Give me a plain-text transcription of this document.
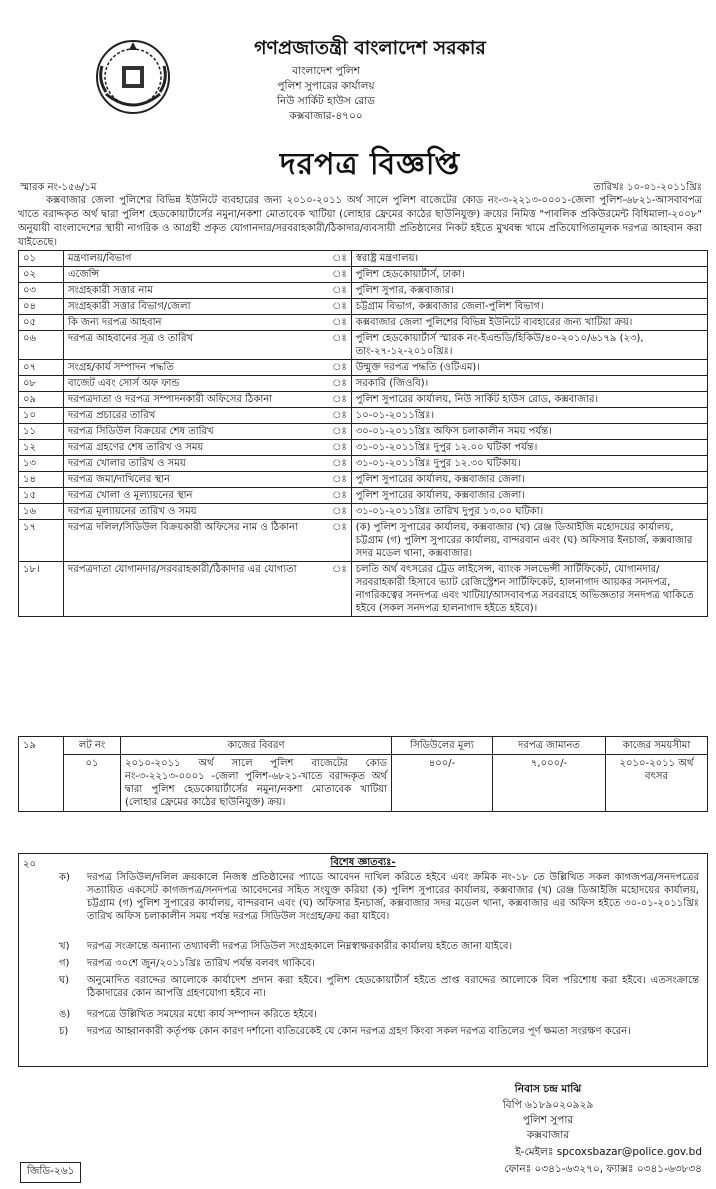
গণপ্রজাতন্ত্রী বাংলাদেশ সরকার
বাংলাদেশ পুলিশ
পুলিশ সুপারের কার্যালয়
নিউ সার্কিট হাউস রোড
কক্সবাজার-৪৭০০
দরপত্র বিজ্ঞপ্তি
স্মারক নং-১৫৬/১ম	তারিখঃ ১০-০১-২০১১খ্রিঃ
কক্সবাজার জেলা পুলিশের বিভিন্ন ইউনিটে ব্যবহারের জন্য ২০১০-২০১১ অর্থ সালে পুলিশ বাজেটের কোড নং-৩-২২১৩-০০০১-জেলা পুলিশ-৬৮২১-আসবাবপত্র খাতে বরাদ্দকৃত অর্থ দ্বারা পুলিশ হেডকোয়ার্টার্সের নমুনা/নকশা মোতাবেক খাটিয়া (লোহার ফ্রেমের কাঠের ছাউনিযুক্ত) ক্রয়ের নিমিত্ত "পাবলিক প্রকিউরমেন্ট বিধিমালা-২০০৮" অনুযায়ী বাংলাদেশের স্থায়ী নাগরিক ও আগ্রহী প্রকৃত যোগানদার/সরবরাহকারী/ঠিকাদার/ব্যবসায়ী প্রতিষ্ঠানের নিকট হইতে মুখবন্ধ খামে প্রতিযোগিতামূলক দরপত্র আহবান করা যাইতেছে।
০১	মন্ত্রণালয়/বিভাগ	ঃ	স্বরাষ্ট্র মন্ত্রণালয়।
০২	এজেন্সি	ঃ	পুলিশ হেডকোয়ার্টার্স, ঢাকা।
০৩	সংগ্রহকারী সত্তার নাম	ঃ	পুলিশ সুপার, কক্সবাজার।
০৪	সংগ্রহকারী সত্তার বিভাগ/জেলা	ঃ	চট্টগ্রাম বিভাগ, কক্সবাজার জেলা-পুলিশ বিভাগ।
০৫	কি জন্য দরপত্র আহবান	ঃ	কক্সবাজার জেলা পুলিশের বিভিন্ন ইউনিটে ব্যবহারের জন্য খাটিয়া ক্রয়।
০৬	দরপত্র আহবানের সূত্র ও তারিখ	ঃ	পুলিশ হেডকোয়ার্টার্স স্মারক নং-ইএন্ডডি/হিকিউ/৪০-২০১০/৬১৭৯ (২৩), তাং-২৭-১২-২০১০খ্রিঃ।
০৭	সংগ্রহ/কার্য সম্পাদন পদ্ধতি	ঃ	উন্মুক্ত দরপত্র পদ্ধতি (ওটিএম)।
০৮	বাজেট এবং সোর্স অফ ফান্ড	ঃ	সরকারি (জিওবি)।
০৯	দরপত্রদাতা ও দরপত্র সম্পাদনকারী অফিসের ঠিকানা	ঃ	পুলিশ সুপারের কার্যালয়, নিউ সার্কিট হাউস রোড, কক্সবাজার।
১০	দরপত্র প্রচারের তারিখ	ঃ	১০-০১-২০১১খ্রিঃ।
১১	দরপত্র সিডিউল বিক্রয়ের শেষ তারিখ	ঃ	৩০-০১-২০১১খ্রিঃ অফিস চলাকালীন সময় পর্যন্ত।
১২	দরপত্র গ্রহণের শেষ তারিখ ও সময়	ঃ	৩১-০১-২০১১খ্রিঃ দুপুর ১২.০০ ঘটিকা পর্যন্ত।
১৩	দরপত্র খোলার তারিখ ও সময়	ঃ	৩১-০১-২০১১খ্রিঃ দুপুর ১২.৩০ ঘটিকায়।
১৪	দরপত্র জমা/দাখিলের স্থান	ঃ	পুলিশ সুপারের কার্যালয়, কক্সবাজার জেলা।
১৫	দরপত্র খোলা ও মূল্যায়নের স্থান	ঃ	পুলিশ সুপারের কার্যালয়, কক্সবাজার জেলা।
১৬	দরপত্র মূল্যায়নের তারিখ ও সময়	ঃ	৩১-০১-২০১১খ্রিঃ তারিখ দুপুর ১৩.০০ ঘটিকা।
১৭	দরপত্র দলিল/সিডিউল বিক্রয়কারী অফিসের নাম ও ঠিকানা	ঃ	(ক) পুলিশ সুপারের কার্যালয়, কক্সবাজার (খ) রেঞ্জ ডিআইজি মহোদয়ের কার্যালয়, চট্টগ্রাম (গ) পুলিশ সুপারের কার্যালয়, বান্দরবান এবং (ঘ) অফিসার ইনচার্জ, কক্সবাজার সদর মডেল থানা, কক্সবাজার।
১৮।	দরপত্রদাতা যোগানদার/সরবরাহকারী/ঠিকাদার এর যোগ্যতা	ঃ	চলতি অর্থ বৎসরের ট্রেড লাইসেন্স, ব্যাংক সলভেন্সী সার্টিফিকেট, যোগানদার/সরবরাহকারী হিসাবে ভ্যাট রেজিস্ট্রেশন সার্টিফিকেট, হালনাগাদ আয়কর সনদপত্র, নাগরিকত্বের সনদপত্র এবং খাটিয়া/আসবাবপত্র সরবরাহে অভিজ্ঞতার সনদপত্র থাকিতে হইবে (সকল সনদপত্র হালনাগাদ হইতে হইবে)।
১৯	লট নং	কাজের বিবরণ	সিডিউলের মূল্য	দরপত্র জামানত	কাজের সময়সীমা
	০১	২০১০-২০১১ অর্থ সালে পুলিশ বাজেটের কোড নং-৩-২২১৩-০০০১ -জেলা পুলিশ-৬৮২১-খাতে বরাদ্দকৃত অর্থ দ্বারা পুলিশ হেডকোয়ার্টার্সের নমুনা/নকশা মোতাবেক খাটিয়া (লোহার ফ্রেমের কাঠের ছাউনিযুক্ত) ক্রয়।	৪০০/-	৭,০০০/-	২০১০-২০১১ অর্থ বৎসর
২০	বিশেষ জ্ঞাতব্যঃ-
ক) দরপত্র সিডিউল/দলিল ক্রয়কালে নিজস্ব প্রতিষ্ঠানের প্যাডে আবেদন দাখিল করিতে হইবে এবং ক্রমিক নং-১৮ তে উল্লিখিত সকল কাগজপত্র/সনদপত্রের সত্যায়িত একসেট কাগজপত্র/সনদপত্র আবেদনের সহিত সংযুক্ত করিয়া (ক) পুলিশ সুপারের কার্যালয়, কক্সবাজার (খ) রেঞ্জ ডিআইজি মহোদয়ের কার্যালয়, চট্টগ্রাম (গ) পুলিশ সুপারের কার্যালয়, বান্দরবান এবং (ঘ) অফিসার ইনচার্জ, কক্সবাজার সদর মডেল থানা, কক্সবাজার এর অফিস হইতে ৩০-০১-২০১১খ্রিঃ তারিখ অফিস চলাকালীন সময় পর্যন্ত দরপত্র সিডিউল সংগ্রহ/ক্রয় করা যাইবে।
খ) দরপত্র সংক্রান্তে অন্যান্য তথ্যাবলী দরপত্র সিডিউল সংগ্রহকালে নিম্নস্বাক্ষরকারীর কার্যালয় হইতে জানা যাইবে।
গ) দরপত্র ৩০শে জুন/২০১১খ্রিঃ তারিখ পর্যন্ত বলবৎ থাকিবে।
ঘ) অনুমোদিত বরাদ্দের আলোকে কার্যাদেশ প্রদান করা হইবে। পুলিশ হেডকোয়ার্টার্স হইতে প্রাপ্ত বরাদ্দের আলোকে বিল পরিশোধ করা হইবে। এতসংক্রান্তে ঠিকাদারের কোন আপত্তি গ্রহণযোগ্য হইবে না।
ঙ) দরপত্রে উল্লিখিত সময়ের মধ্যে কার্য সম্পাদন করিতে হইবে।
চ) দরপত্র আহ্বানকারী কর্তৃপক্ষ কোন কারণ দর্শানো ব্যতিরেকেই যে কোন দরপত্র গ্রহণ কিংবা সকল দরপত্র বাতিলের পূর্ণ ক্ষমতা সংরক্ষণ করেন।
নিবাস চন্দ্র মাঝি
বিপি ৬১৮৯০২০৯২৯
পুলিশ সুপার
কক্সবাজার
ই-মেইলঃ spcoxsbazar@police.gov.bd
ফোনঃ ০৩৪১-৬৩২৭০, ফ্যাক্সঃ ০৩৪১-৬৩৮৩৪
জিডি-২৬১
